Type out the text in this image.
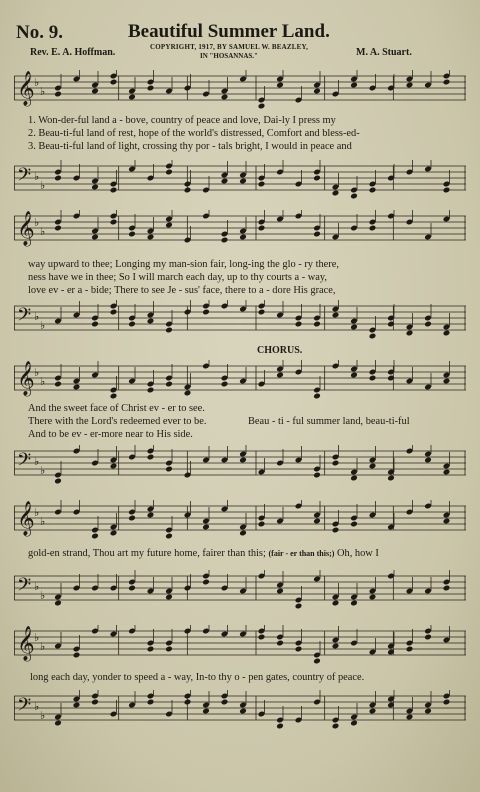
No. 9.	Beautiful Summer Land.
COPYRIGHT, 1917, BY SAMUEL W. BEAZLEY,
IN "HOSANNAS."
Rev. E. A. Hoffman.	M. A. Stuart.
𝄞 ♭
♭
1. Won-der-ful land a - bove, country of peace and love, Dai-ly I press my
2. Beau-ti-ful land of rest, hope of the world's distressed, Comfort and bless-ed-
3. Beau-ti-ful land of light, crossing thy por - tals bright, I would in peace and
𝄢 ♭
♭
𝄞 ♭
♭
way upward to thee; Longing my man-sion fair, long-ing the glo - ry there,
ness have we in thee; So I will march each day, up to thy courts a - way,
love ev - er a - bide; There to see Je - sus' face, there to a - dore His grace,
𝄢 ♭
♭
CHORUS.
𝄞 ♭
♭
And the sweet face of Christ ev - er to see.
There with the Lord's redeemed ever to be.	Beau - ti - ful summer land, beau-ti-ful
And to be ev - er-more near to His side.
𝄢 ♭
♭
𝄞 ♭
♭
gold-en strand, Thou art my future home, fairer than this; (fair - er than this;) Oh, how I
𝄢 ♭
♭
𝄞 ♭
♭
long each day, yonder to speed a - way, In-to thy o - pen gates, country of peace.
𝄢 ♭
♭
